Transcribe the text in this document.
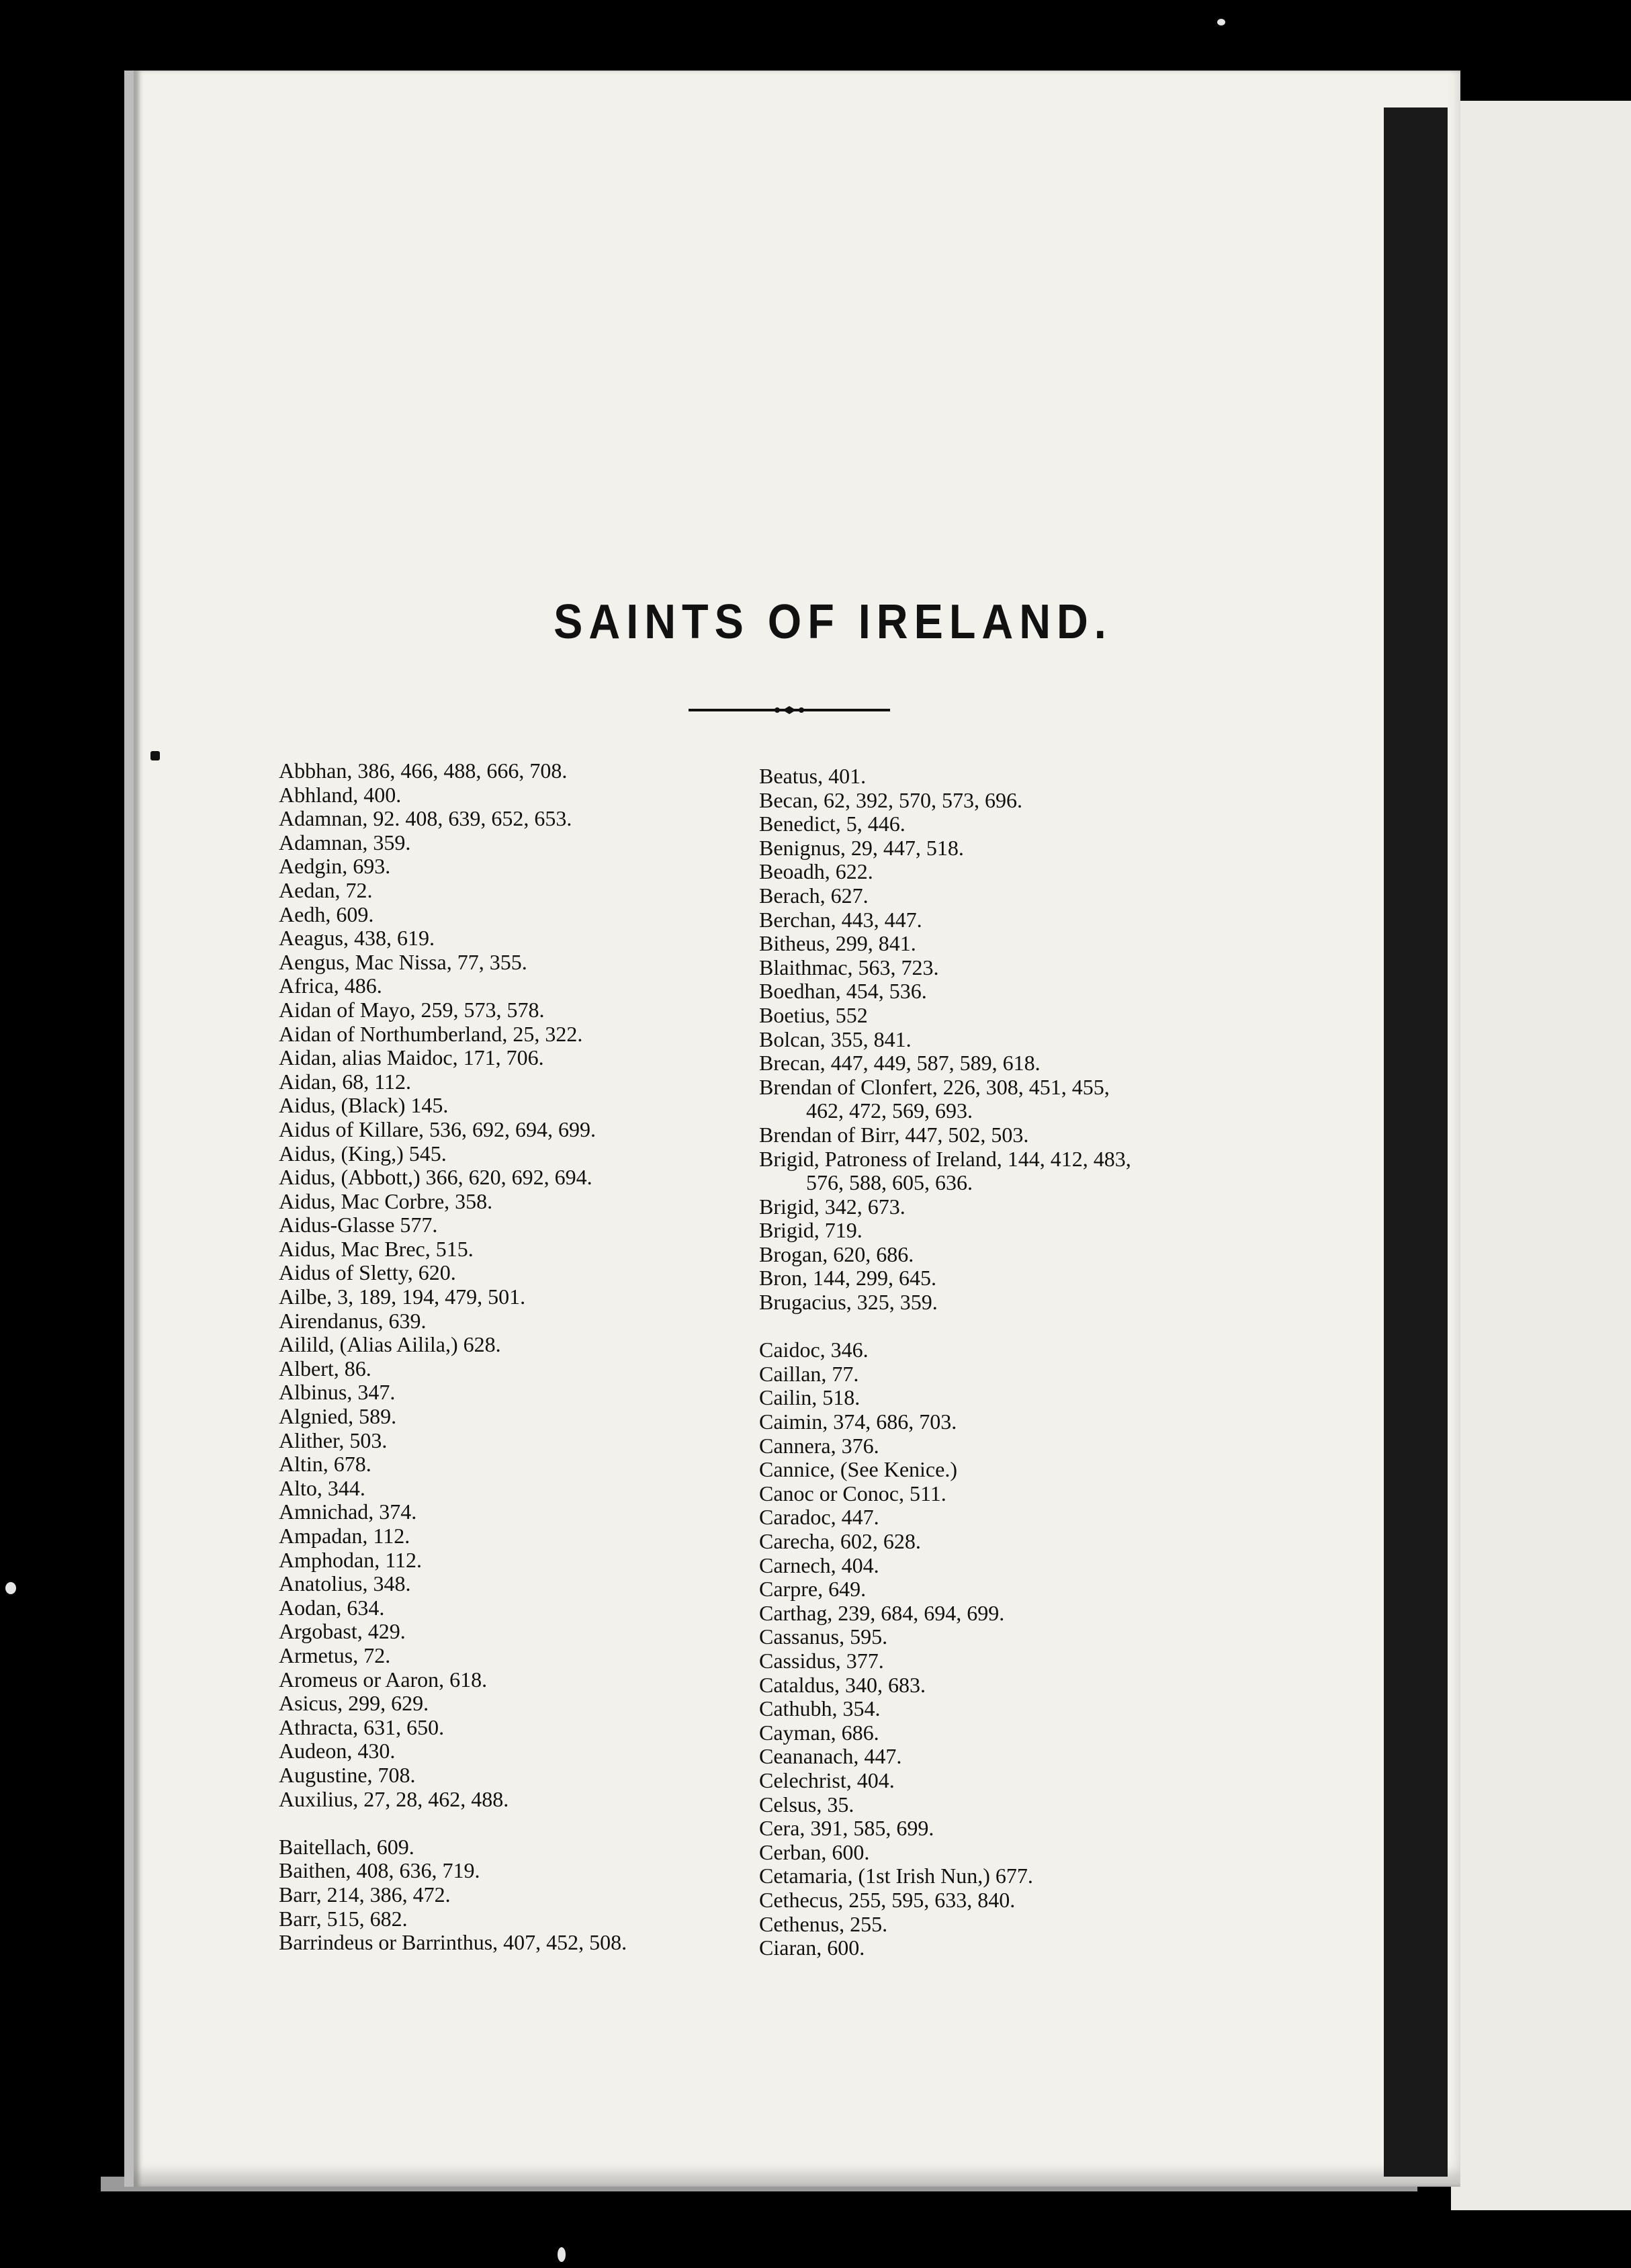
SAINTS OF IRELAND.
Abbhan, 386, 466, 488, 666, 708.
Abhland, 400.
Adamnan, 92. 408, 639, 652, 653.
Adamnan, 359.
Aedgin, 693.
Aedan, 72.
Aedh, 609.
Aeagus, 438, 619.
Aengus, Mac Nissa, 77, 355.
Africa, 486.
Aidan of Mayo, 259, 573, 578.
Aidan of Northumberland, 25, 322.
Aidan, alias Maidoc, 171, 706.
Aidan, 68, 112.
Aidus, (Black) 145.
Aidus of Killare, 536, 692, 694, 699.
Aidus, (King,) 545.
Aidus, (Abbott,) 366, 620, 692, 694.
Aidus, Mac Corbre, 358.
Aidus-Glasse 577.
Aidus, Mac Brec, 515.
Aidus of Sletty, 620.
Ailbe, 3, 189, 194, 479, 501.
Airendanus, 639.
Ailild, (Alias Ailila,) 628.
Albert, 86.
Albinus, 347.
Algnied, 589.
Alither, 503.
Altin, 678.
Alto, 344.
Amnichad, 374.
Ampadan, 112.
Amphodan, 112.
Anatolius, 348.
Aodan, 634.
Argobast, 429.
Armetus, 72.
Aromeus or Aaron, 618.
Asicus, 299, 629.
Athracta, 631, 650.
Audeon, 430.
Augustine, 708.
Auxilius, 27, 28, 462, 488.
Baitellach, 609.
Baithen, 408, 636, 719.
Barr, 214, 386, 472.
Barr, 515, 682.
Barrindeus or Barrinthus, 407, 452, 508.
Beatus, 401.
Becan, 62, 392, 570, 573, 696.
Benedict, 5, 446.
Benignus, 29, 447, 518.
Beoadh, 622.
Berach, 627.
Berchan, 443, 447.
Bitheus, 299, 841.
Blaithmac, 563, 723.
Boedhan, 454, 536.
Boetius, 552
Bolcan, 355, 841.
Brecan, 447, 449, 587, 589, 618.
Brendan of Clonfert, 226, 308, 451, 455,
462, 472, 569, 693.
Brendan of Birr, 447, 502, 503.
Brigid, Patroness of Ireland, 144, 412, 483,
576, 588, 605, 636.
Brigid, 342, 673.
Brigid, 719.
Brogan, 620, 686.
Bron, 144, 299, 645.
Brugacius, 325, 359.
Caidoc, 346.
Caillan, 77.
Cailin, 518.
Caimin, 374, 686, 703.
Cannera, 376.
Cannice, (See Kenice.)
Canoc or Conoc, 511.
Caradoc, 447.
Carecha, 602, 628.
Carnech, 404.
Carpre, 649.
Carthag, 239, 684, 694, 699.
Cassanus, 595.
Cassidus, 377.
Cataldus, 340, 683.
Cathubh, 354.
Cayman, 686.
Ceananach, 447.
Celechrist, 404.
Celsus, 35.
Cera, 391, 585, 699.
Cerban, 600.
Cetamaria, (1st Irish Nun,) 677.
Cethecus, 255, 595, 633, 840.
Cethenus, 255.
Ciaran, 600.
